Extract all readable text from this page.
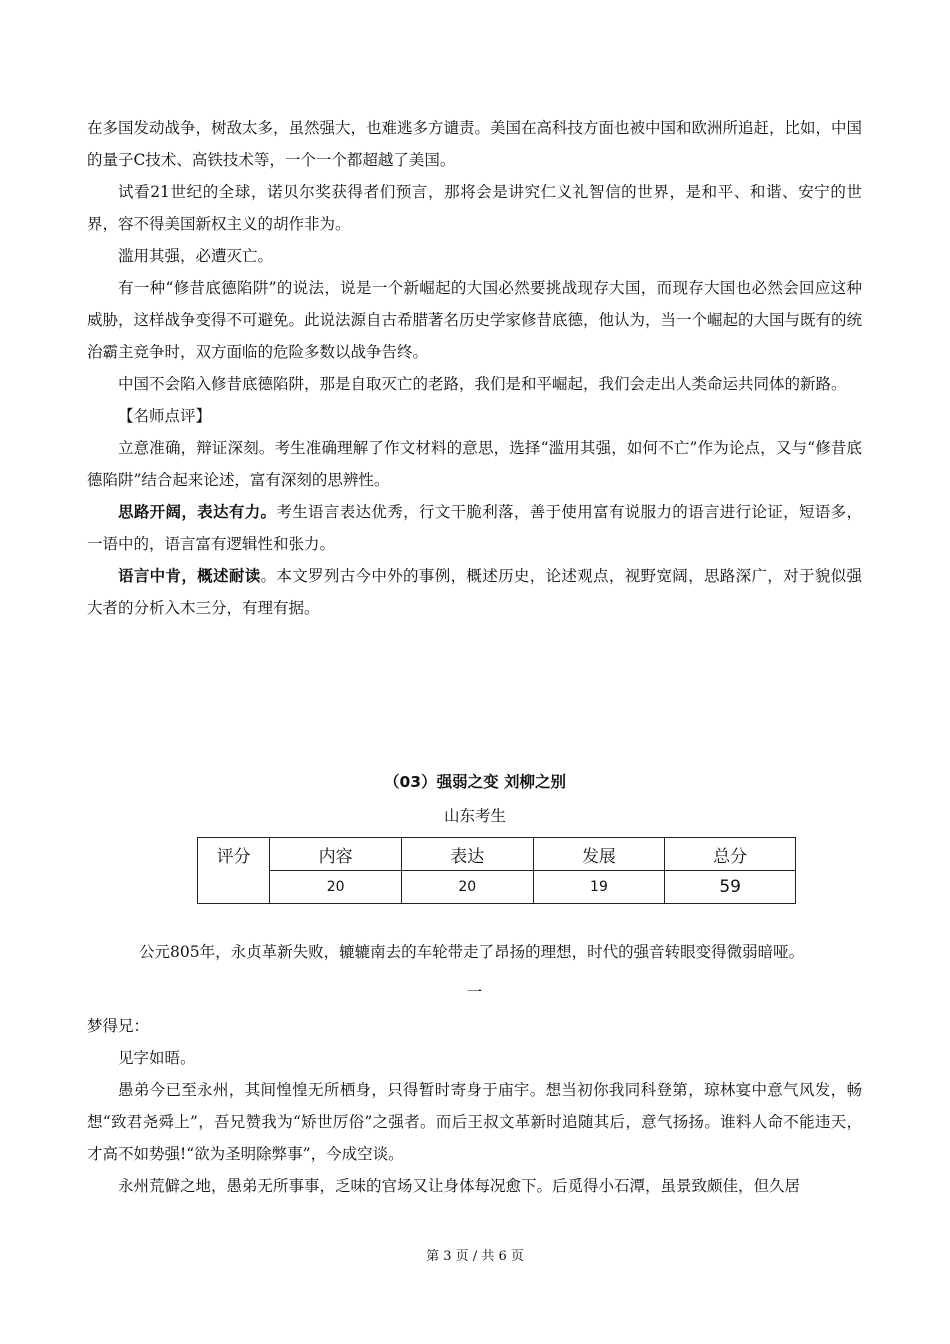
在多国发动战争，树敌太多，虽然强大，也难逃多方谴责。美国在高科技方面也被中国和欧洲所追赶，比如，中国的量子C技术、高铁技术等，一个一个都超越了美国。

试看21世纪的全球，诺贝尔奖获得者们预言，那将会是讲究仁义礼智信的世界，是和平、和谐、安宁的世界，容不得美国新权主义的胡作非为。

滥用其强，必遭灭亡。

有一种“修昔底德陷阱”的说法，说是一个新崛起的大国必然要挑战现存大国，而现存大国也必然会回应这种威胁，这样战争变得不可避免。此说法源自古希腊著名历史学家修昔底德，他认为，当一个崛起的大国与既有的统治霸主竞争时，双方面临的危险多数以战争告终。

中国不会陷入修昔底德陷阱，那是自取灭亡的老路，我们是和平崛起，我们会走出人类命运共同体的新路。

【名师点评】

立意准确，辩证深刻。考生准确理解了作文材料的意思，选择“滥用其强，如何不亡”作为论点，又与“修昔底德陷阱”结合起来论述，富有深刻的思辨性。

思路开阔，表达有力。考生语言表达优秀，行文干脆利落，善于使用富有说服力的语言进行论证，短语多，一语中的，语言富有逻辑性和张力。

语言中肯，概述耐读。本文罗列古今中外的事例，概述历史，论述观点，视野宽阔，思路深广，对于貌似强大者的分析入木三分，有理有据。

（03）强弱之变 刘柳之别
山东考生
评分	内容	表达	发展	总分
	20	20	19	59

公元805年，永贞革新失败，辘辘南去的车轮带走了昂扬的理想，时代的强音转眼变得微弱暗哑。

一

梦得兄：

见字如晤。

愚弟今已至永州，其间惶惶无所栖身，只得暂时寄身于庙宇。想当初你我同科登第，琼林宴中意气风发，畅想“致君尧舜上”，吾兄赞我为“矫世厉俗”之强者。而后王叔文革新时追随其后，意气扬扬。谁料人命不能违天，才高不如势强!“欲为圣明除弊事”，今成空谈。

永州荒僻之地，愚弟无所事事，乏味的官场又让身体每况愈下。后觅得小石潭，虽景致颇佳，但久居

第 3 页 / 共 6 页
